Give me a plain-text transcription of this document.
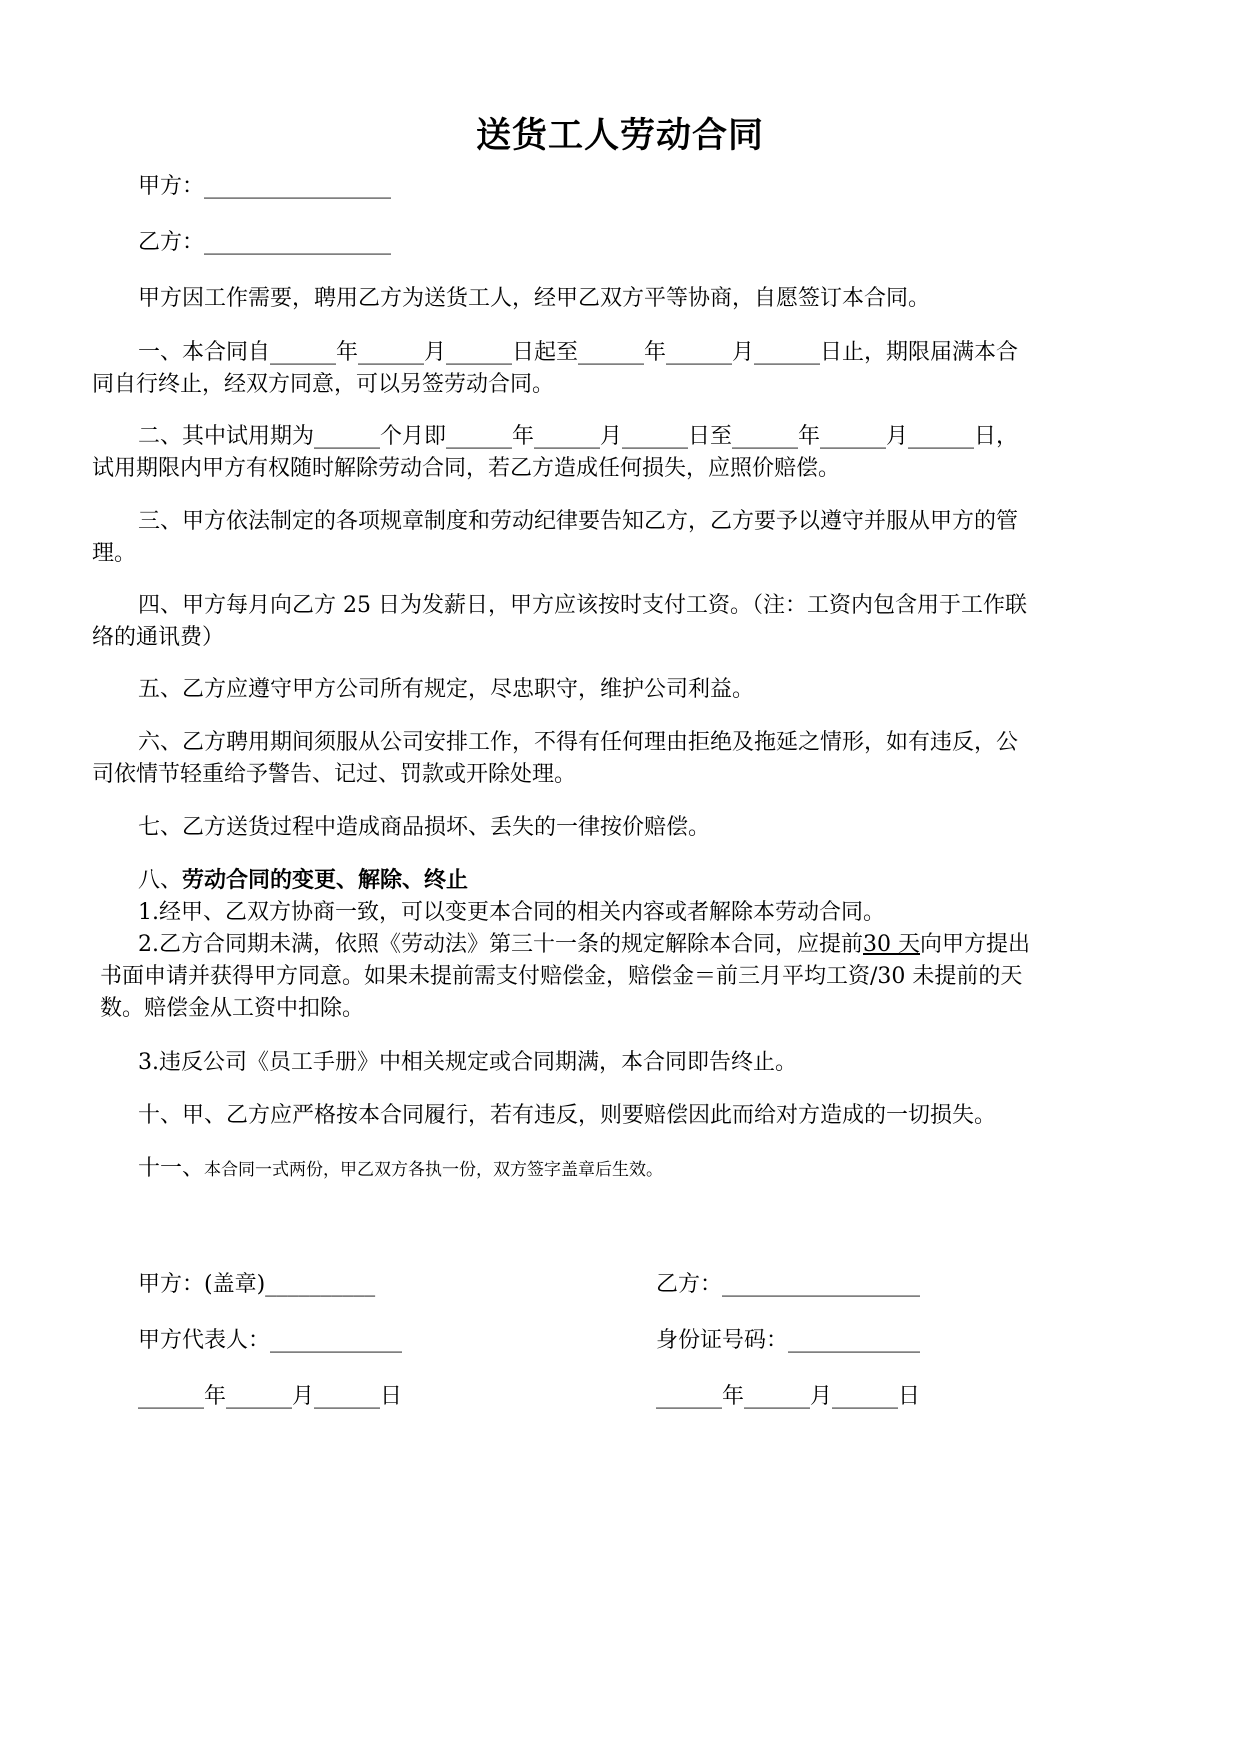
送货工人劳动合同
甲方：_________________
乙方：_________________
甲方因工作需要，聘用乙方为送货工人，经甲乙双方平等协商，自愿签订本合同。
一、本合同自______年______月______日起至______年______月______日止，期限届满本合
同自行终止，经双方同意，可以另签劳动合同。
二、其中试用期为______个月即______年______月______日至______年______月______日，
试用期限内甲方有权随时解除劳动合同，若乙方造成任何损失，应照价赔偿。
三、甲方依法制定的各项规章制度和劳动纪律要告知乙方，乙方要予以遵守并服从甲方的管
理。
四、甲方每月向乙方 25 日为发薪日，甲方应该按时支付工资。（注：工资内包含用于工作联
络的通讯费）
五、乙方应遵守甲方公司所有规定，尽忠职守，维护公司利益。
六、乙方聘用期间须服从公司安排工作，不得有任何理由拒绝及拖延之情形，如有违反，公
司依情节轻重给予警告、记过、罚款或开除处理。
七、乙方送货过程中造成商品损坏、丢失的一律按价赔偿。
八、劳动合同的变更、解除、终止
1.经甲、乙双方协商一致，可以变更本合同的相关内容或者解除本劳动合同。
2.乙方合同期未满，依照《劳动法》第三十一条的规定解除本合同，应提前30 天向甲方提出
书面申请并获得甲方同意。如果未提前需支付赔偿金，赔偿金＝前三月平均工资/30 未提前的天
数。赔偿金从工资中扣除。
3.违反公司《员工手册》中相关规定或合同期满，本合同即告终止。
十、甲、乙方应严格按本合同履行，若有违反，则要赔偿因此而给对方造成的一切损失。
十一、本合同一式两份，甲乙双方各执一份，双方签字盖章后生效。
甲方：(盖章)__________
甲方代表人：____________
______年______月______日
乙方：__________________
身份证号码：____________
______年______月______日
